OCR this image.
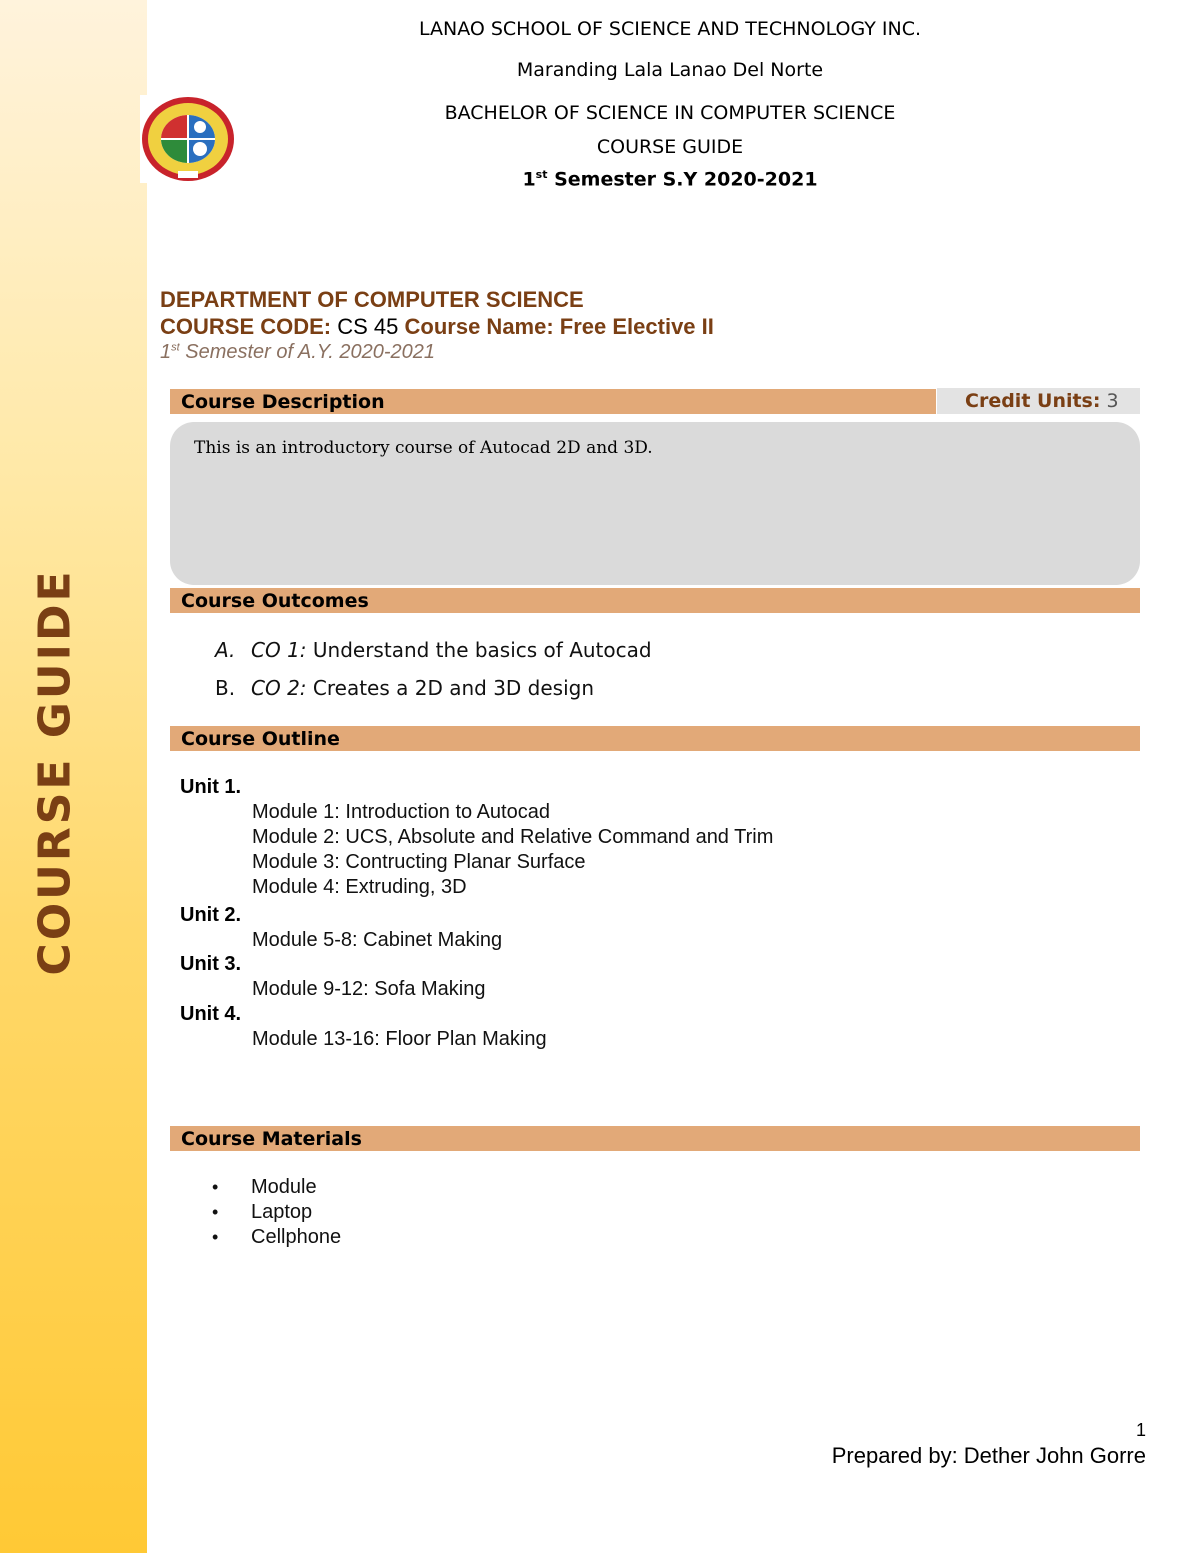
COURSE GUIDE
LANAO SCHOOL OF SCIENCE AND TECHNOLOGY INC.
Maranding Lala Lanao Del Norte
BACHELOR OF SCIENCE IN COMPUTER SCIENCE
COURSE GUIDE
1st Semester S.Y 2020-2021
DEPARTMENT OF COMPUTER SCIENCE
COURSE CODE: CS 45 Course Name: Free Elective II
1st Semester of A.Y. 2020-2021
Course Description	Credit Units: 3
This is an introductory course of Autocad 2D and 3D.
Course Outcomes
A. CO 1: Understand the basics of Autocad
B. CO 2: Creates a 2D and 3D design
Course Outline
Unit 1.
Module 1: Introduction to Autocad
Module 2: UCS, Absolute and Relative Command and Trim
Module 3: Contructing Planar Surface
Module 4: Extruding, 3D
Unit 2.
Module 5-8: Cabinet Making
Unit 3.
Module 9-12: Sofa Making
Unit 4.
Module 13-16: Floor Plan Making
Course Materials
• Module
• Laptop
• Cellphone
1
Prepared by: Dether John Gorre
